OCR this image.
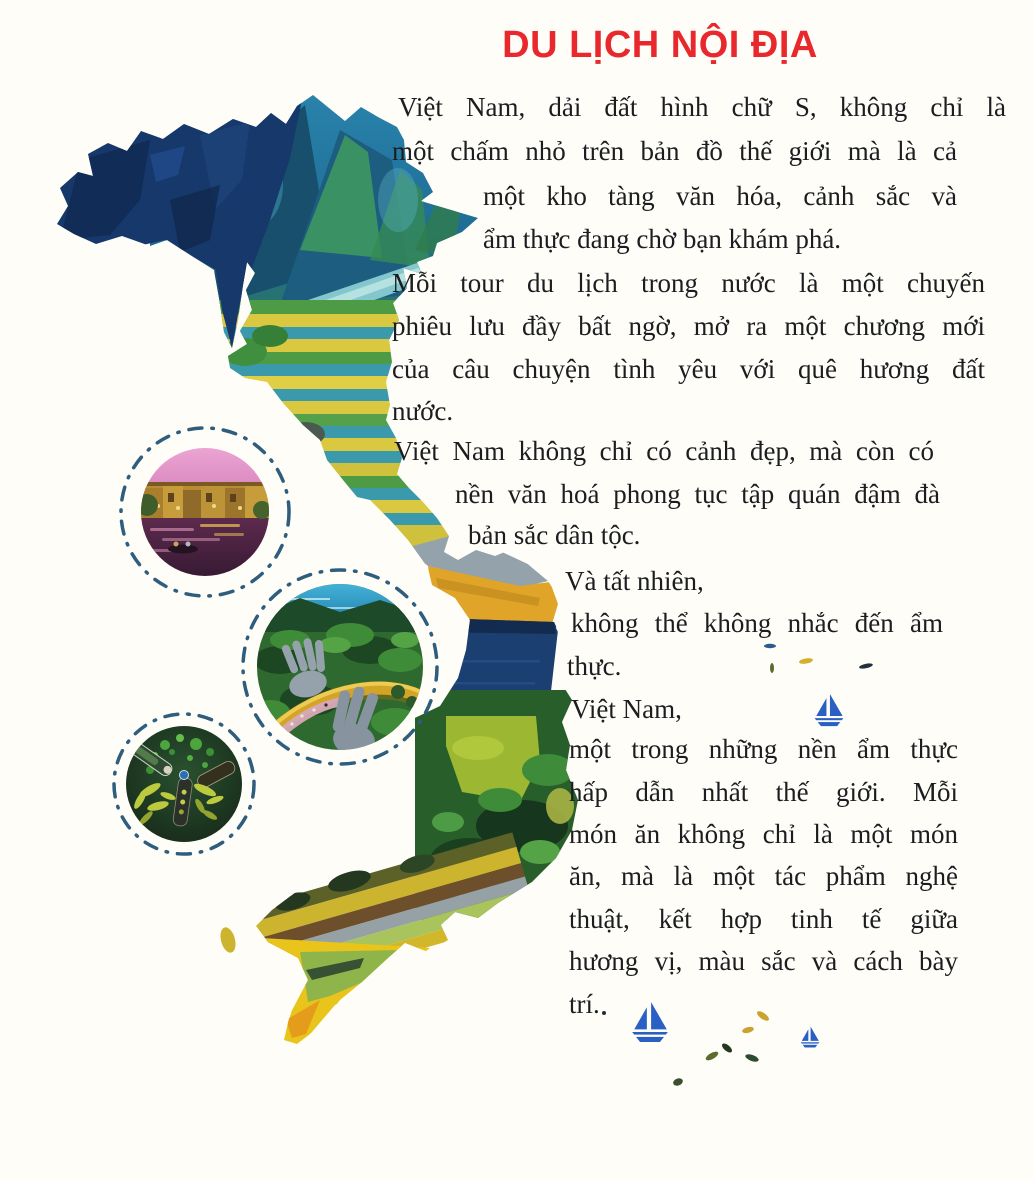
DU LỊCH NỘI ĐỊA
Việt Nam, dải đất hình chữ S, không chỉ là
một chấm nhỏ trên bản đồ thế giới mà là cả
một kho tàng văn hóa, cảnh sắc và
ẩm thực đang chờ bạn khám phá.
Mỗi tour du lịch trong nước là một chuyến
phiêu lưu đầy bất ngờ, mở ra một chương mới
của câu chuyện tình yêu với quê hương đất
nước.
Việt Nam không chỉ có cảnh đẹp, mà còn có
nền văn hoá phong tục tập quán đậm đà
bản sắc dân tộc.
Và tất nhiên,
không thể không nhắc đến ẩm
thực.
Việt Nam,
một trong những nền ẩm thực
hấp dẫn nhất thế giới. Mỗi
món ăn không chỉ là một món
ăn, mà là một tác phẩm nghệ
thuật, kết hợp tinh tế giữa
hương vị, màu sắc và cách bày
trí.
